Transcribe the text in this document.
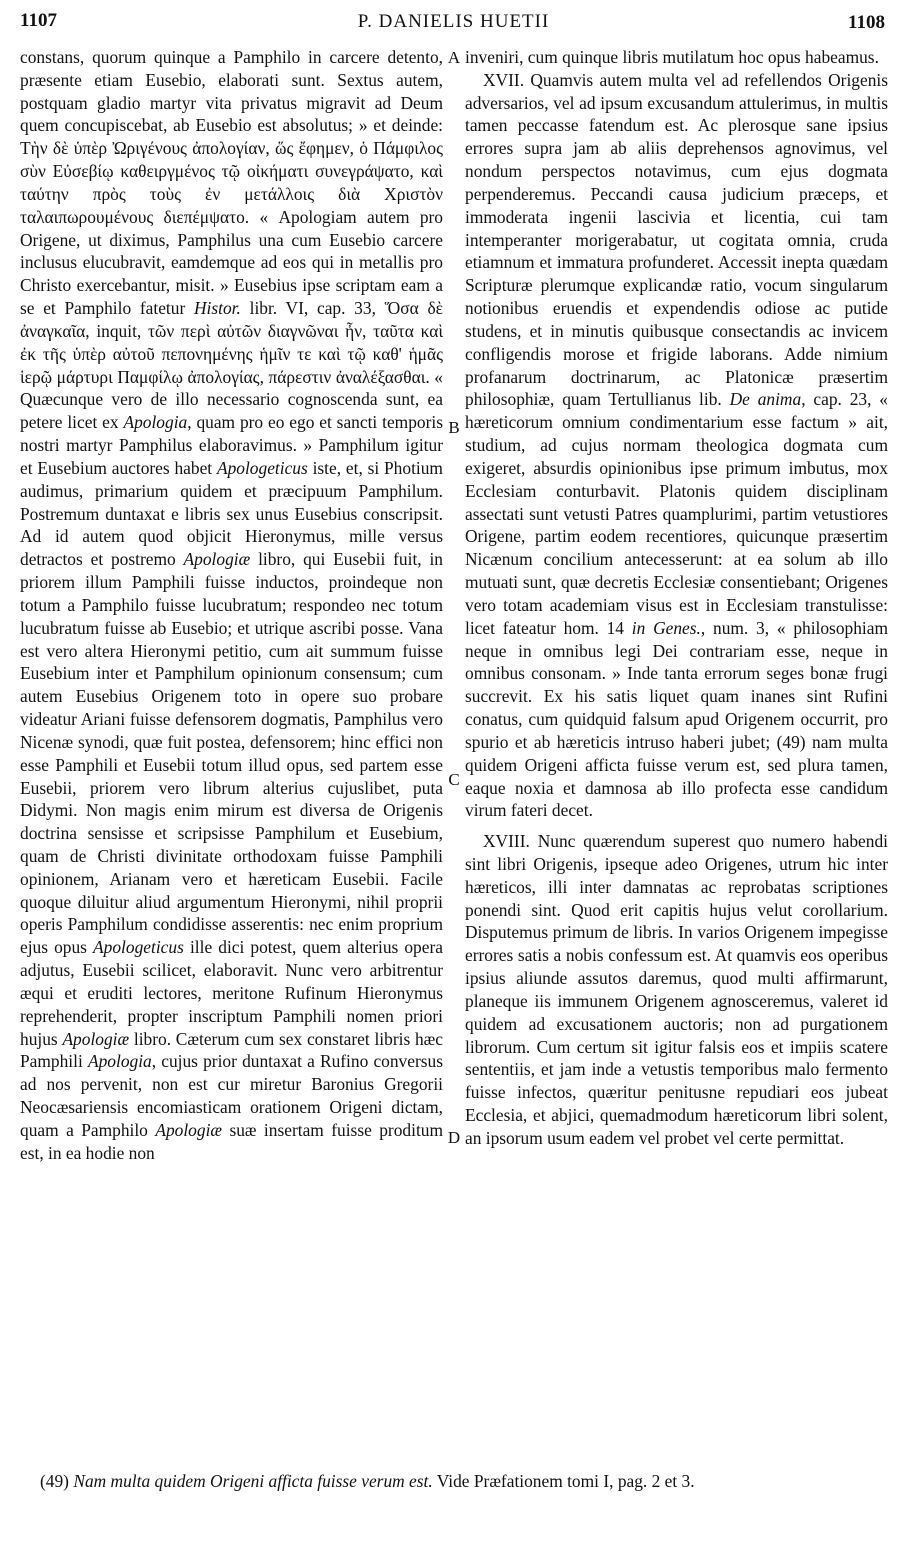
1107	P. DANIELIS HUETII	1108

constans, quorum quinque a Pamphilo in carcere detento, præsente etiam Eusebio, elaborati sunt. Sextus autem, postquam gladio martyr vita privatus migravit ad Deum quem concupiscebat, ab Eusebio est absolutus; » et deinde: Τὴν δὲ ὑπὲρ Ὠριγένους ἀπολογίαν, ὥς ἔφημεν, ὁ Πάμφιλος σὺν Εὐσεβίῳ καθειργμένος τῷ οἰκήματι συνεγράψατο, καὶ ταύτην πρὸς τοὺς ἐν μετάλλοις διὰ Χριστὸν ταλαιπωρουμένους διεπέμψατο. « Apologiam autem pro Origene, ut diximus, Pamphilus una cum Eusebio carcere inclusus elucubravit, eamdemque ad eos qui in metallis pro Christo exercebantur, misit. » Eusebius ipse scriptam eam a se et Pamphilo fatetur Histor. libr. VI, cap. 33, Ὅσα δὲ ἀναγκαῖα, inquit, τῶν περὶ αὐτῶν διαγνῶναι ἦν, ταῦτα καὶ ἐκ τῆς ὑπὲρ αὐτοῦ πεπονημένης ἡμῖν τε καὶ τῷ καθ' ἡμᾶς ἱερῷ μάρτυρι Παμφίλῳ ἀπολογίας, πάρεστιν ἀναλέξασθαι. « Quæcunque vero de illo necessario cognoscenda sunt, ea petere licet ex Apologia, quam pro eo ego et sancti temporis nostri martyr Pamphilus elaboravimus. » Pamphilum igitur et Eusebium auctores habet Apologeticus iste, et, si Photium audimus, primarium quidem et præcipuum Pamphilum. Postremum duntaxat e libris sex unus Eusebius conscripsit. Ad id autem quod objicit Hieronymus, mille versus detractos et postremo Apologiæ libro, qui Eusebii fuit, in priorem illum Pamphili fuisse inductos, proindeque non totum a Pamphilo fuisse lucubratum; respondeo nec totum lucubratum fuisse ab Eusebio; et utrique ascribi posse. Vana est vero altera Hieronymi petitio, cum ait summum fuisse Eusebium inter et Pamphilum opinionum consensum; cum autem Eusebius Origenem toto in opere suo probare videatur Ariani fuisse defensorem dogmatis, Pamphilus vero Nicenæ synodi, quæ fuit postea, defensorem; hinc effici non esse Pamphili et Eusebii totum illud opus, sed partem esse Eusebii, priorem vero librum alterius cujuslibet, puta Didymi. Non magis enim mirum est diversa de Origenis doctrina sensisse et scripsisse Pamphilum et Eusebium, quam de Christi divinitate orthodoxam fuisse Pamphili opinionem, Arianam vero et hæreticam Eusebii. Facile quoque diluitur aliud argumentum Hieronymi, nihil proprii operis Pamphilum condidisse asserentis: nec enim proprium ejus opus Apologeticus ille dici potest, quem alterius opera adjutus, Eusebii scilicet, elaboravit. Nunc vero arbitrentur æqui et eruditi lectores, meritone Rufinum Hieronymus reprehenderit, propter inscriptum Pamphili nomen priori hujus Apologiæ libro. Cæterum cum sex constaret libris hæc Pamphili Apologia, cujus prior duntaxat a Rufino conversus ad nos pervenit, non est cur miretur Baronius Gregorii Neocæsariensis encomiasticam orationem Origeni dictam, quam a Pamphilo Apologiæ suæ insertam fuisse proditum est, in ea hodie non

A
B
C
D

inveniri, cum quinque libris mutilatum hoc opus habeamus.

XVII. Quamvis autem multa vel ad refellendos Origenis adversarios, vel ad ipsum excusandum attulerimus, in multis tamen peccasse fatendum est. Ac plerosque sane ipsius errores supra jam ab aliis deprehensos agnovimus, vel nondum perspectos notavimus, cum ejus dogmata perpenderemus. Peccandi causa judicium præceps, et immoderata ingenii lascivia et licentia, cui tam intemperanter morigerabatur, ut cogitata omnia, cruda etiamnum et immatura profunderet. Accessit inepta quædam Scripturæ plerumque explicandæ ratio, vocum singularum notionibus eruendis et expendendis odiose ac putide studens, et in minutis quibusque consectandis ac invicem confligendis morose et frigide laborans. Adde nimium profanarum doctrinarum, ac Platonicæ præsertim philosophiæ, quam Tertullianus lib. De anima, cap. 23, « hæreticorum omnium condimentarium esse factum » ait, studium, ad cujus normam theologica dogmata cum exigeret, absurdis opinionibus ipse primum imbutus, mox Ecclesiam conturbavit. Platonis quidem disciplinam assectati sunt vetusti Patres quamplurimi, partim vetustiores Origene, partim eodem recentiores, quicunque præsertim Nicænum concilium antecesserunt: at ea solum ab illo mutuati sunt, quæ decretis Ecclesiæ consentiebant; Origenes vero totam academiam visus est in Ecclesiam transtulisse: licet fateatur hom. 14 in Genes., num. 3, « philosophiam neque in omnibus legi Dei contrariam esse, neque in omnibus consonam. » Inde tanta errorum seges bonæ frugi succrevit. Ex his satis liquet quam inanes sint Rufini conatus, cum quidquid falsum apud Origenem occurrit, pro spurio et ab hæreticis intruso haberi jubet; (49) nam multa quidem Origeni afficta fuisse verum est, sed plura tamen, eaque noxia et damnosa ab illo profecta esse candidum virum fateri decet.

XVIII. Nunc quærendum superest quo numero habendi sint libri Origenis, ipseque adeo Origenes, utrum hic inter hæreticos, illi inter damnatas ac reprobatas scriptiones ponendi sint. Quod erit capitis hujus velut corollarium. Disputemus primum de libris. In varios Origenem impegisse errores satis a nobis confessum est. At quamvis eos operibus ipsius aliunde assutos daremus, quod multi affirmarunt, planeque iis immunem Origenem agnosceremus, valeret id quidem ad excusationem auctoris; non ad purgationem librorum. Cum certum sit igitur falsis eos et impiis scatere sententiis, et jam inde a vetustis temporibus malo fermento fuisse infectos, quæritur penitusne repudiari eos jubeat Ecclesia, et abjici, quemadmodum hæreticorum libri solent, an ipsorum usum eadem vel probet vel certe permittat.

(49) Nam multa quidem Origeni afficta fuisse verum est. Vide Præfationem tomi I, pag. 2 et 3.
